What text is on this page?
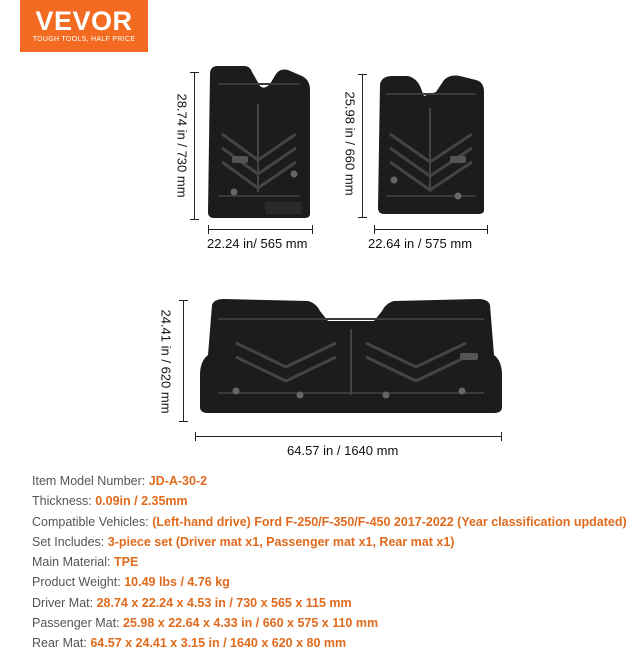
VEVOR
TOUGH TOOLS, HALF PRICE
28.74 in / 730 mm
22.24 in/ 565 mm
25.98 in / 660 mm
22.64 in / 575 mm
24.41 in / 620 mm
64.57 in / 1640 mm
Item Model Number: JD-A-30-2
Thickness: 0.09in / 2.35mm
Compatible Vehicles: (Left-hand drive) Ford F-250/F-350/F-450 2017-2022 (Year classification updated)
Set Includes: 3-piece set (Driver mat x1, Passenger mat x1, Rear mat x1)
Main Material: TPE
Product Weight: 10.49 lbs / 4.76 kg
Driver Mat: 28.74 x 22.24 x 4.53 in / 730 x 565 x 115 mm
Passenger Mat: 25.98 x 22.64 x 4.33 in / 660 x 575 x 110 mm
Rear Mat: 64.57 x 24.41 x 3.15 in / 1640 x 620 x 80 mm
